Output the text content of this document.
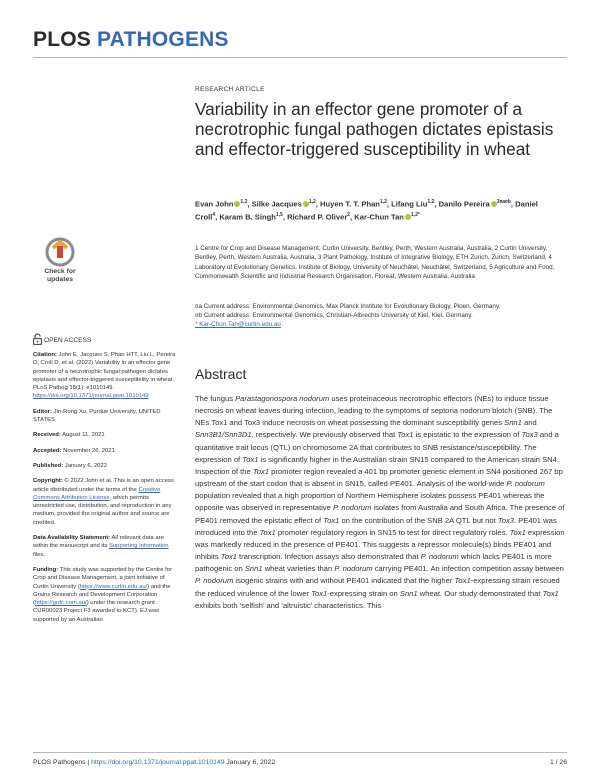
PLOS PATHOGENS
RESEARCH ARTICLE
Variability in an effector gene promoter of a necrotrophic fungal pathogen dictates epistasis and effector-triggered susceptibility in wheat
Evan John $^{1,2}$, Silke Jacques $^{1,2}$, Huyen T. T. Phan$^{1,2}$, Lifang Liu$^{1,2}$, Danilo Pereira $^{3¤a¤b}$, Daniel Croll$^4$, Karam B. Singh$^{1,5}$, Richard P. Oliver$^2$, Kar-Chun Tan $^{1,2*}$
1 Centre for Crop and Disease Management, Curtin University, Bentley, Perth, Western Australia, Australia, 2 Curtin University, Bentley, Perth, Western Australia, Australia, 3 Plant Pathology, Institute of Integrative Biology, ETH Zurich, Zurich, Switzerland, 4 Laboratory of Evolutionary Genetics, Institute of Biology, University of Neuchâtel, Neuchâtel, Switzerland, 5 Agriculture and Food, Commonwealth Scientific and Industrial Research Organisation, Floreat, Western Australia, Australia
¤a Current address: Environmental Genomics, Max Planck Institute for Evolutionary Biology, Ploen, Germany.
¤b Current address: Environmental Genomics, Christian-Albrechts University of Kiel, Kiel, Germany.
* Kar-Chun.Tan@curtin.edu.au
Check for
updates
OPEN ACCESS
Citation: John E, Jacques S, Phan HTT, Liu L, Pereira D, Croll D, et al. (2022) Variability in an effector gene promoter of a necrotrophic fungal pathogen dictates epistasis and effector-triggered susceptibility in wheat. PLoS Pathog 18(1): e1010149. https://doi.org/10.1371/journal.ppat.1010149
Editor: Jin-Rong Xu, Purdue University, UNITED STATES
Received: August 11, 2021
Accepted: November 26, 2021
Published: January 6, 2022
Copyright: © 2022 John et al. This is an open access article distributed under the terms of the Creative Commons Attribution License, which permits unrestricted use, distribution, and reproduction in any medium, provided the original author and source are credited.
Data Availability Statement: All relevant data are within the manuscript and its Supporting Information files.
Funding: This study was supported by the Centre for Crop and Disease Management, a joint initiative of Curtin University (https://www.curtin.edu.au/) and the Grains Research and Development Corporation (https://grdc.com.au/) under the research grant CUR00023 Project F3 awarded to KCT). EJ was supported by an Australian
Abstract
The fungus Parastagonospora nodorum uses proteinaceous necrotrophic effectors (NEs) to induce tissue necrosis on wheat leaves during infection, leading to the symptoms of septoria nodorum blotch (SNB). The NEs Tox1 and Tox3 induce necrosis on wheat possessing the dominant susceptibility genes Snn1 and Snn3B1/Snn3D1, respectively. We previously observed that Tox1 is epistatic to the expression of Tox3 and a quantitative trait locus (QTL) on chromosome 2A that contributes to SNB resistance/susceptibility. The expression of Tox1 is significantly higher in the Australian strain SN15 compared to the American strain SN4. Inspection of the Tox1 promoter region revealed a 401 bp promoter genetic element in SN4 positioned 267 bp upstream of the start codon that is absent in SN15, called PE401. Analysis of the world-wide P. nodorum population revealed that a high proportion of Northern Hemisphere isolates possess PE401 whereas the opposite was observed in representative P. nodorum isolates from Australia and South Africa. The presence of PE401 removed the epistatic effect of Tox1 on the contribution of the SNB 2A QTL but not Tox3. PE401 was introduced into the Tox1 promoter regulatory region in SN15 to test for direct regulatory roles. Tox1 expression was markedly reduced in the presence of PE401. This suggests a repressor molecule(s) binds PE401 and inhibits Tox1 transcription. Infection assays also demonstrated that P. nodorum which lacks PE401 is more pathogenic on Snn1 wheat varieties than P. nodorum carrying PE401. An infection competition assay between P. nodorum isogenic strains with and without PE401 indicated that the higher Tox1-expressing strain rescued the reduced virulence of the lower Tox1-expressing strain on Snn1 wheat. Our study demonstrated that Tox1 exhibits both ‘selfish’ and ‘altruistic’ characteristics. This
PLOS Pathogens | https://doi.org/10.1371/journal.ppat.1010149 January 6, 2022	1 / 26
